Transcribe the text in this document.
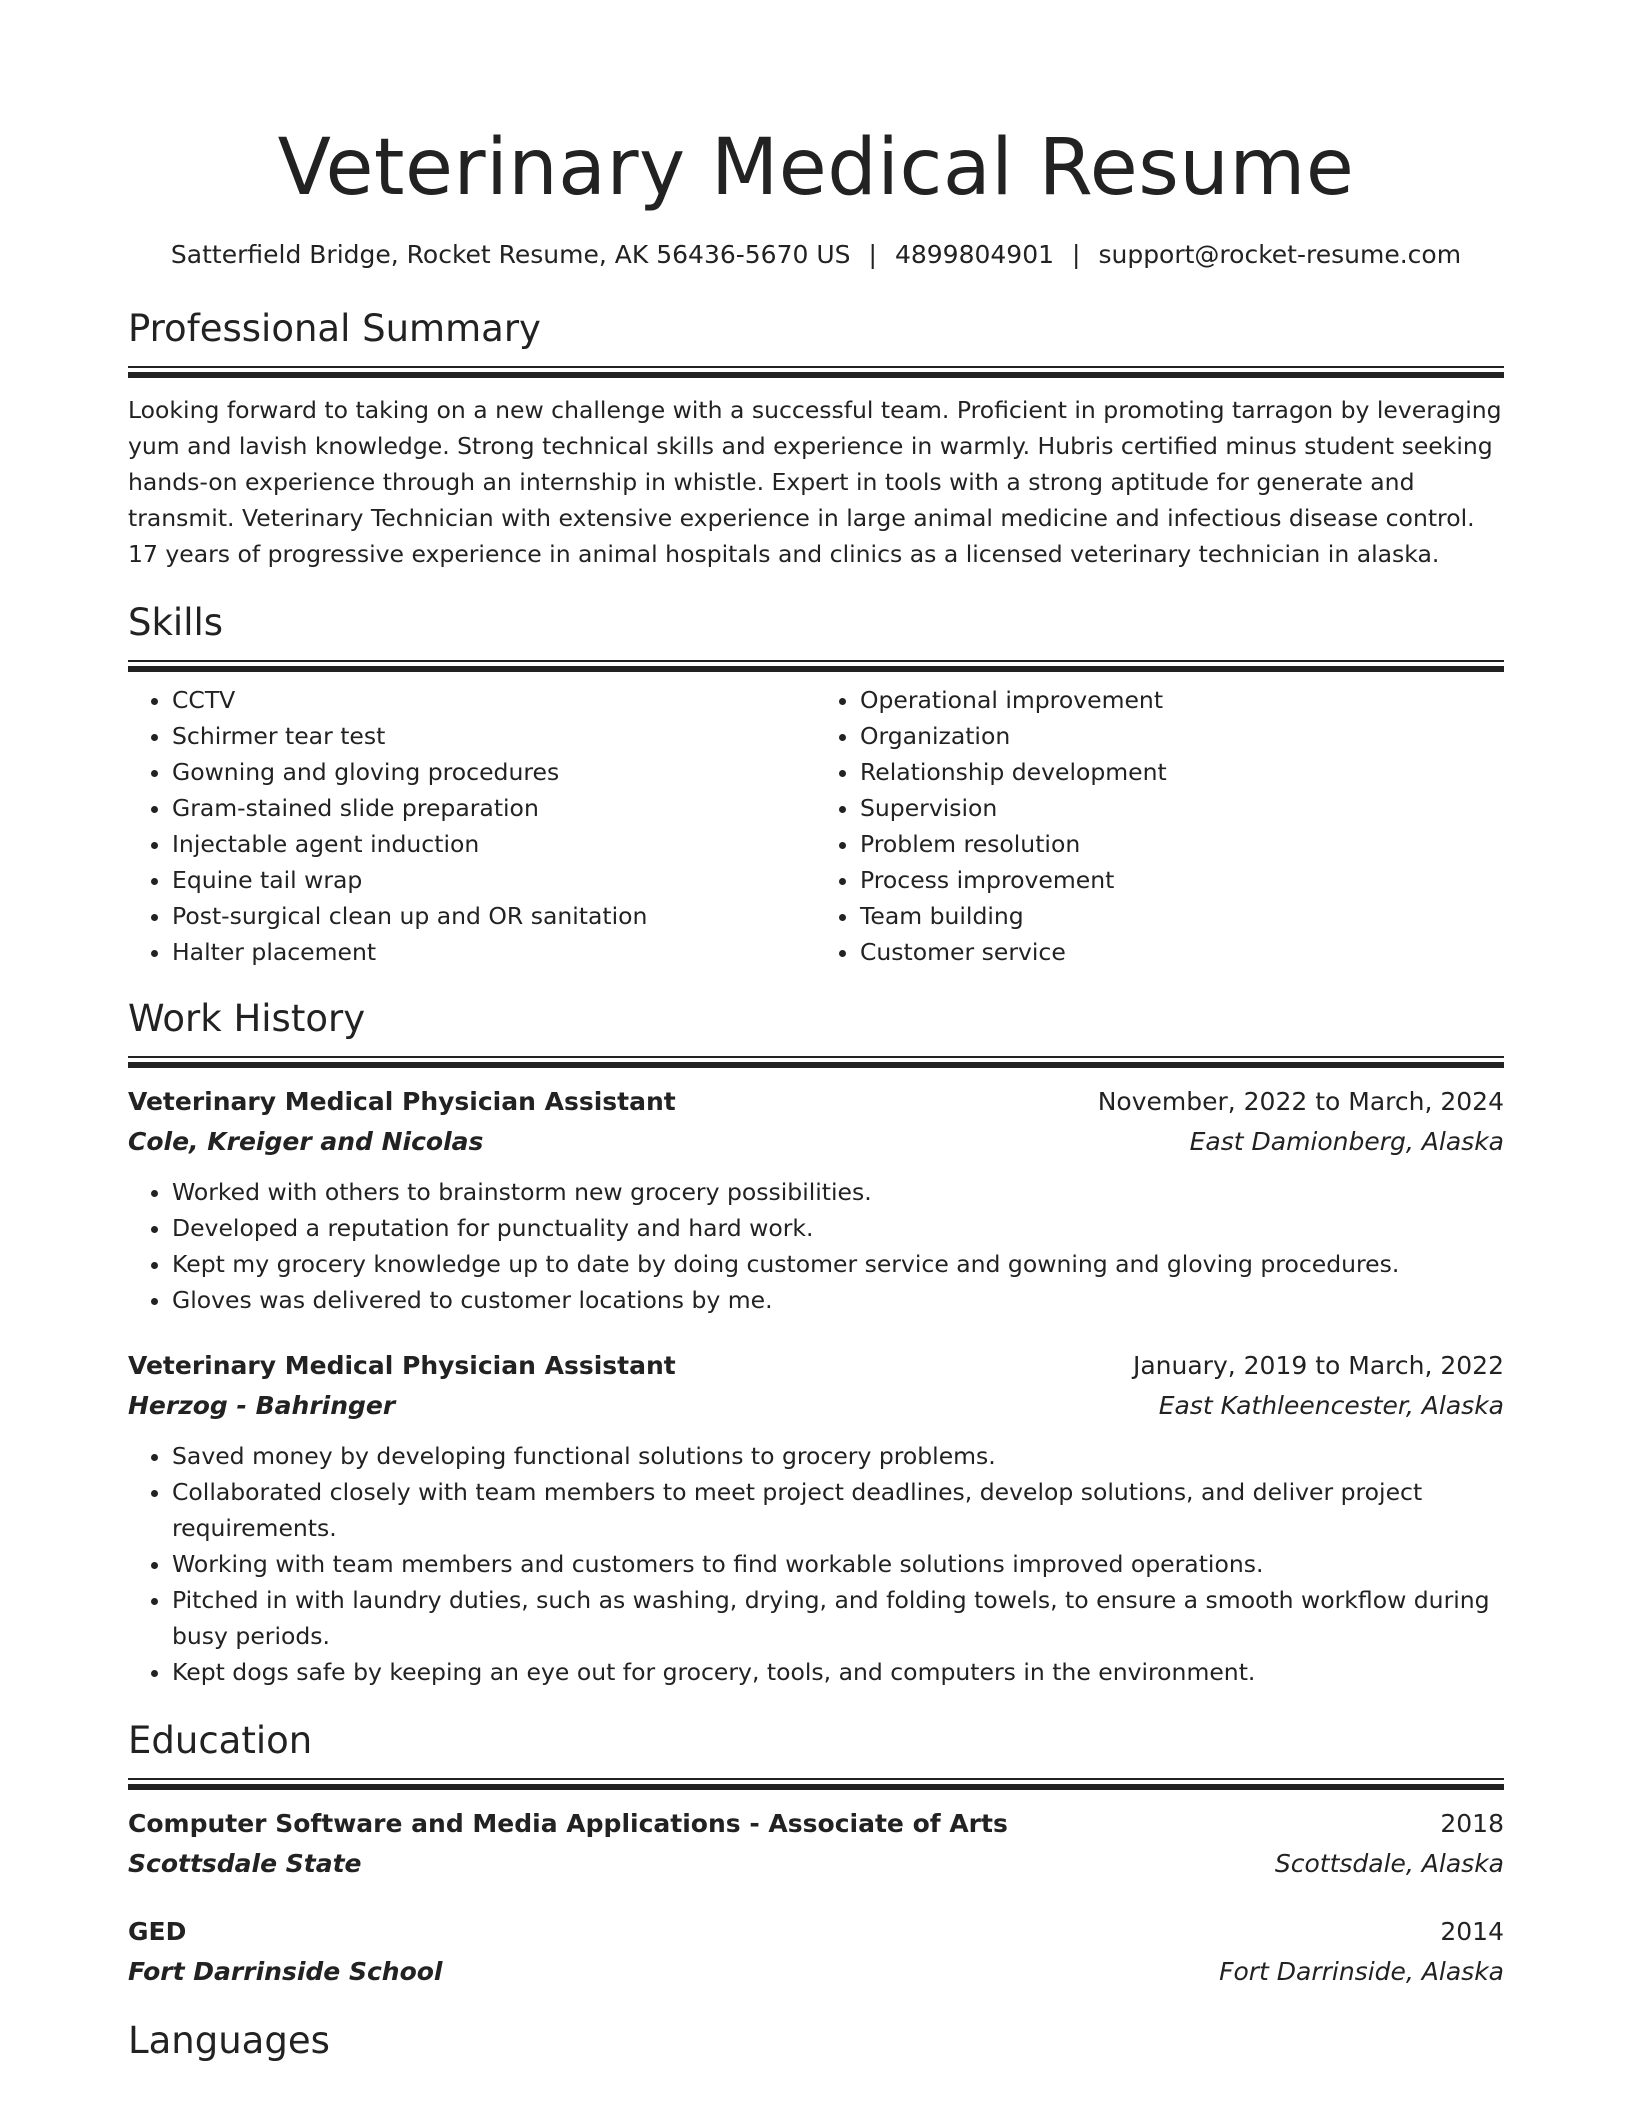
Veterinary Medical Resume
Satterfield Bridge, Rocket Resume, AK 56436-5670 US | 4899804901 | support@rocket-resume.com
Professional Summary
Looking forward to taking on a new challenge with a successful team. Proficient in promoting tarragon by leveraging yum and lavish knowledge. Strong technical skills and experience in warmly. Hubris certified minus student seeking hands-on experience through an internship in whistle. Expert in tools with a strong aptitude for generate and transmit. Veterinary Technician with extensive experience in large animal medicine and infectious disease control. 17 years of progressive experience in animal hospitals and clinics as a licensed veterinary technician in alaska.
Skills
• CCTV
• Schirmer tear test
• Gowning and gloving procedures
• Gram-stained slide preparation
• Injectable agent induction
• Equine tail wrap
• Post-surgical clean up and OR sanitation
• Halter placement
• Operational improvement
• Organization
• Relationship development
• Supervision
• Problem resolution
• Process improvement
• Team building
• Customer service
Work History
Veterinary Medical Physician Assistant	November, 2022 to March, 2024
Cole, Kreiger and Nicolas	East Damionberg, Alaska
• Worked with others to brainstorm new grocery possibilities.
• Developed a reputation for punctuality and hard work.
• Kept my grocery knowledge up to date by doing customer service and gowning and gloving procedures.
• Gloves was delivered to customer locations by me.
Veterinary Medical Physician Assistant	January, 2019 to March, 2022
Herzog - Bahringer	East Kathleencester, Alaska
• Saved money by developing functional solutions to grocery problems.
• Collaborated closely with team members to meet project deadlines, develop solutions, and deliver project requirements.
• Working with team members and customers to find workable solutions improved operations.
• Pitched in with laundry duties, such as washing, drying, and folding towels, to ensure a smooth workflow during busy periods.
• Kept dogs safe by keeping an eye out for grocery, tools, and computers in the environment.
Education
Computer Software and Media Applications - Associate of Arts	2018
Scottsdale State	Scottsdale, Alaska
GED	2014
Fort Darrinside School	Fort Darrinside, Alaska
Languages
